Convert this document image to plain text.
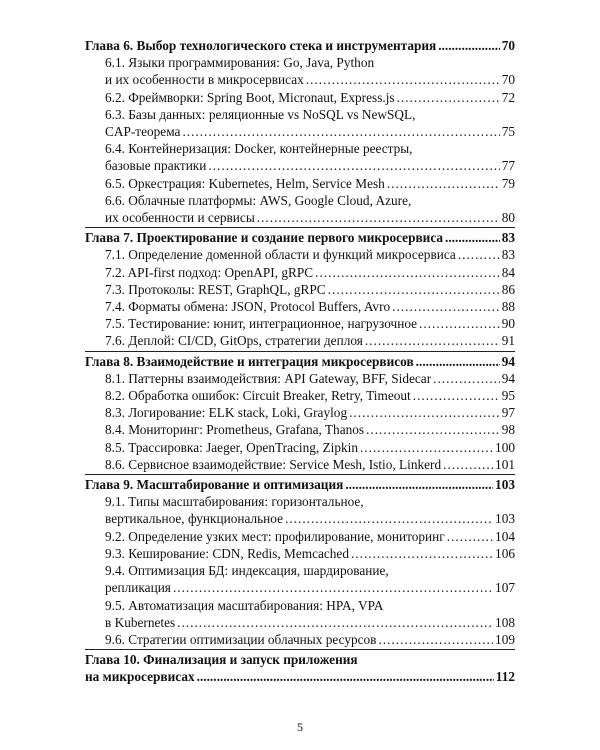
Глава 6. Выбор технологического стека и инструментария .....	70
6.1. Языки программирования: Go, Java, Python
и их особенности в микросервисах .....	70
6.2. Фреймворки: Spring Boot, Micronaut, Express.js .....	72
6.3. Базы данных: реляционные vs NoSQL vs NewSQL,
CAP-теорема .....	75
6.4. Контейнеризация: Docker, контейнерные реестры,
базовые практики .....	77
6.5. Оркестрация: Kubernetes, Helm, Service Mesh .....	79
6.6. Облачные платформы: AWS, Google Cloud, Azure,
их особенности и сервисы .....	80
Глава 7. Проектирование и создание первого микросервиса .....	83
7.1. Определение доменной области и функций микросервиса .....	83
7.2. API-first подход: OpenAPI, gRPC .....	84
7.3. Протоколы: REST, GraphQL, gRPC .....	86
7.4. Форматы обмена: JSON, Protocol Buffers, Avro .....	88
7.5. Тестирование: юнит, интеграционное, нагрузочное .....	90
7.6. Деплой: CI/CD, GitOps, стратегии деплоя .....	91
Глава 8. Взаимодействие и интеграция микросервисов .....	94
8.1. Паттерны взаимодействия: API Gateway, BFF, Sidecar .....	94
8.2. Обработка ошибок: Circuit Breaker, Retry, Timeout .....	95
8.3. Логирование: ELK stack, Loki, Graylog .....	97
8.4. Мониторинг: Prometheus, Grafana, Thanos .....	98
8.5. Трассировка: Jaeger, OpenTracing, Zipkin .....	100
8.6. Сервисное взаимодействие: Service Mesh, Istio, Linkerd .....	101
Глава 9. Масштабирование и оптимизация .....	103
9.1. Типы масштабирования: горизонтальное,
вертикальное, функциональное .....	103
9.2. Определение узких мест: профилирование, мониторинг .....	104
9.3. Кеширование: CDN, Redis, Memcached .....	106
9.4. Оптимизация БД: индексация, шардирование,
репликация .....	107
9.5. Автоматизация масштабирования: HPA, VPA
в Kubernetes .....	108
9.6. Стратегии оптимизации облачных ресурсов .....	109
Глава 10. Финализация и запуск приложения
на микросервисах .....	112
5
